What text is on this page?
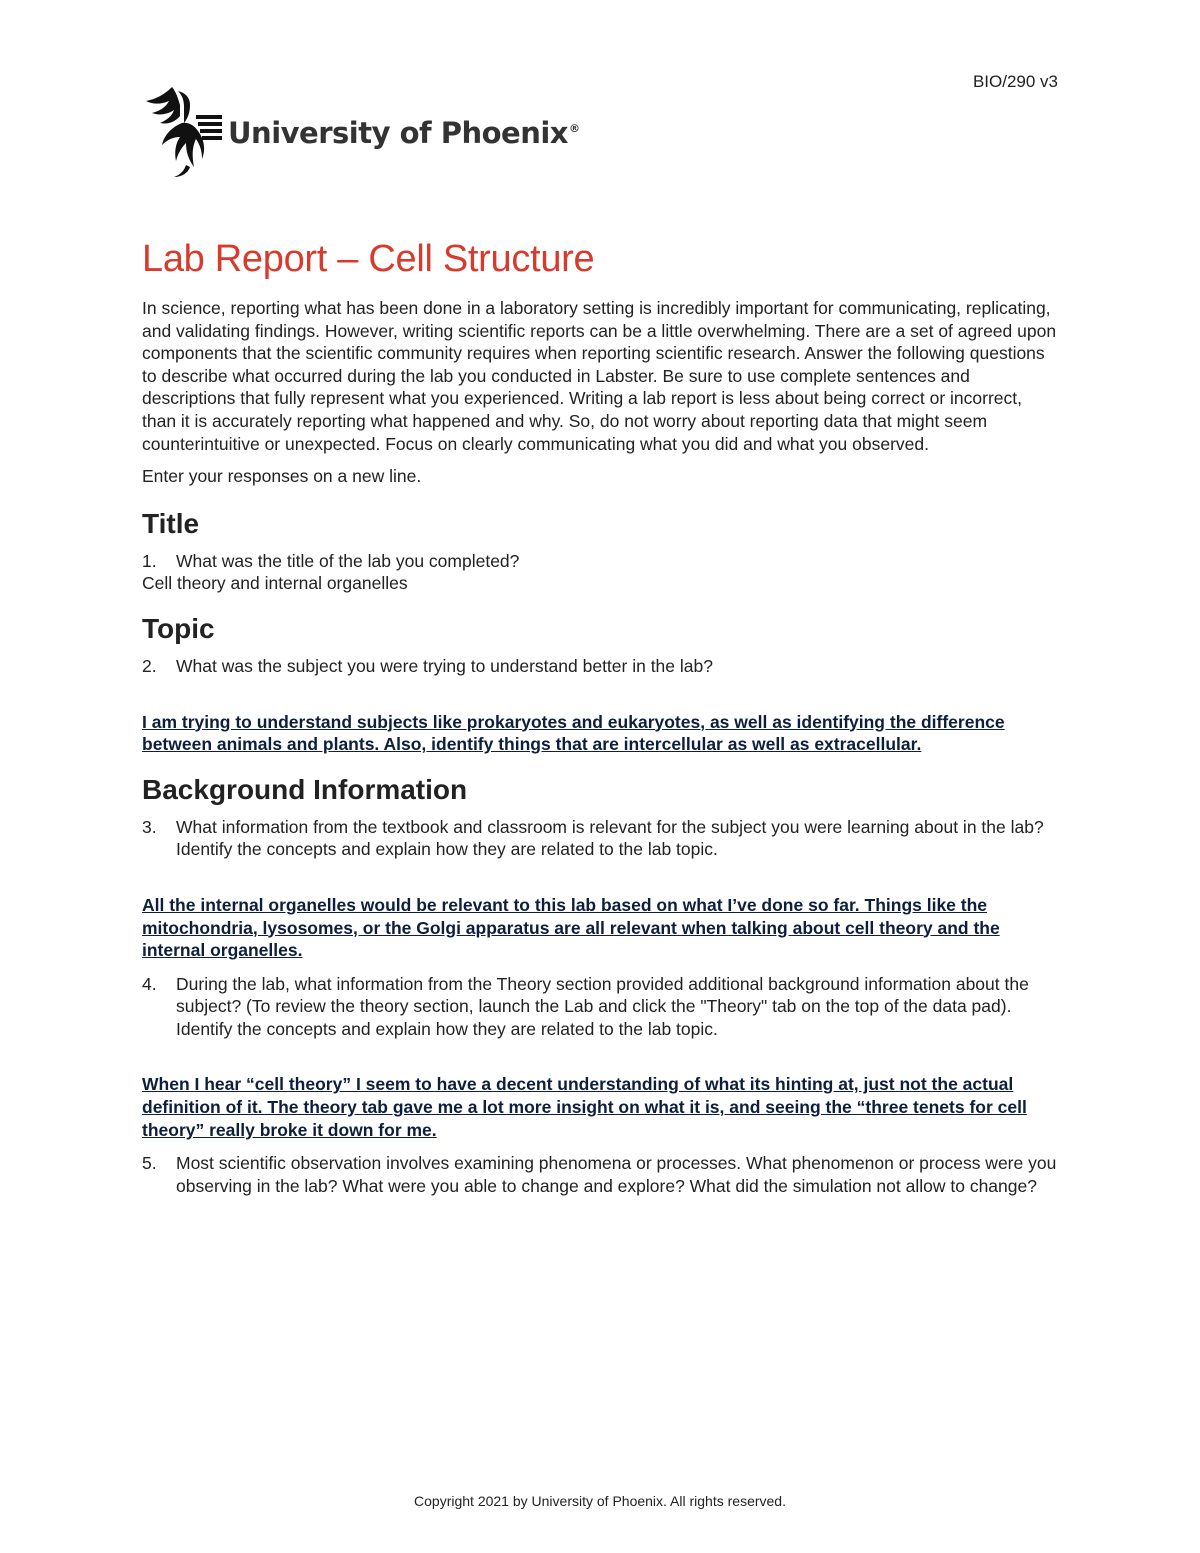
BIO/290 v3
University of Phoenix®
Lab Report – Cell Structure

In science, reporting what has been done in a laboratory setting is incredibly important for communicating, replicating, and validating findings. However, writing scientific reports can be a little overwhelming. There are a set of agreed upon components that the scientific community requires when reporting scientific research. Answer the following questions to describe what occurred during the lab you conducted in Labster. Be sure to use complete sentences and descriptions that fully represent what you experienced. Writing a lab report is less about being correct or incorrect, than it is accurately reporting what happened and why. So, do not worry about reporting data that might seem counterintuitive or unexpected. Focus on clearly communicating what you did and what you observed.

Enter your responses on a new line.

Title
1.	What was the title of the lab you completed?
Cell theory and internal organelles
Topic
2.	What was the subject you were trying to understand better in the lab?
I am trying to understand subjects like prokaryotes and eukaryotes, as well as identifying the difference between animals and plants. Also, identify things that are intercellular as well as extracellular.
Background Information
3.	What information from the textbook and classroom is relevant for the subject you were learning about in the lab? Identify the concepts and explain how they are related to the lab topic.
All the internal organelles would be relevant to this lab based on what I’ve done so far. Things like the mitochondria, lysosomes, or the Golgi apparatus are all relevant when talking about cell theory and the internal organelles.
4.	During the lab, what information from the Theory section provided additional background information about the subject? (To review the theory section, launch the Lab and click the "Theory" tab on the top of the data pad). Identify the concepts and explain how they are related to the lab topic.
When I hear “cell theory” I seem to have a decent understanding of what its hinting at, just not the actual definition of it. The theory tab gave me a lot more insight on what it is, and seeing the “three tenets for cell theory” really broke it down for me.
5.	Most scientific observation involves examining phenomena or processes. What phenomenon or process were you observing in the lab? What were you able to change and explore? What did the simulation not allow to change?
Copyright 2021 by University of Phoenix. All rights reserved.
